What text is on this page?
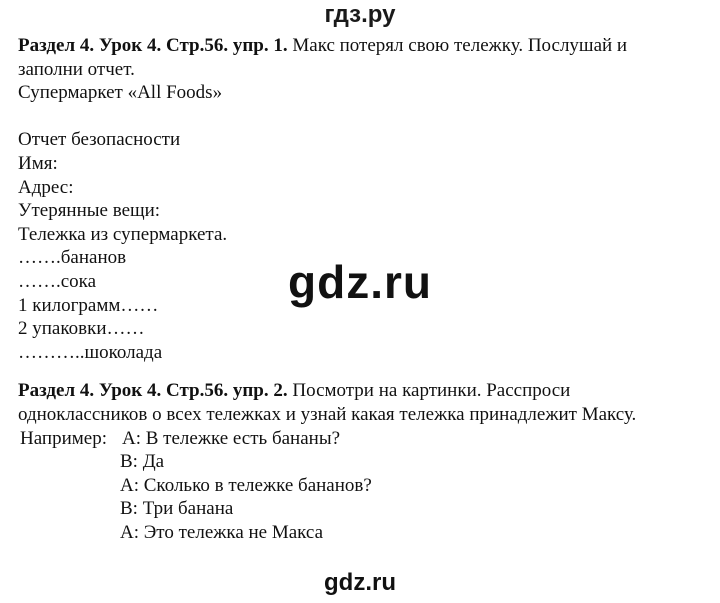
гдз.ру

Раздел 4. Урок 4. Стр.56. упр. 1. Макс потерял свою тележку. Послушай и

заполни отчет.

Супермаркет «All Foods»

Отчет безопасности

Имя:

Адрес:

Утерянные вещи:

Тележка из супермаркета.

…….бананов

…….сока

1 килограмм……

2 упаковки……

………..шоколада

Раздел 4. Урок 4. Стр.56. упр. 2. Посмотри на картинки. Расспроси

одноклассников о всех тележках и узнай какая тележка принадлежит Максу.

Например: A: В тележке есть бананы?

B: Да

A: Сколько в тележке бананов?

B: Три банана

A: Это тележка не Макса

gdz.ru
gdz.ru
